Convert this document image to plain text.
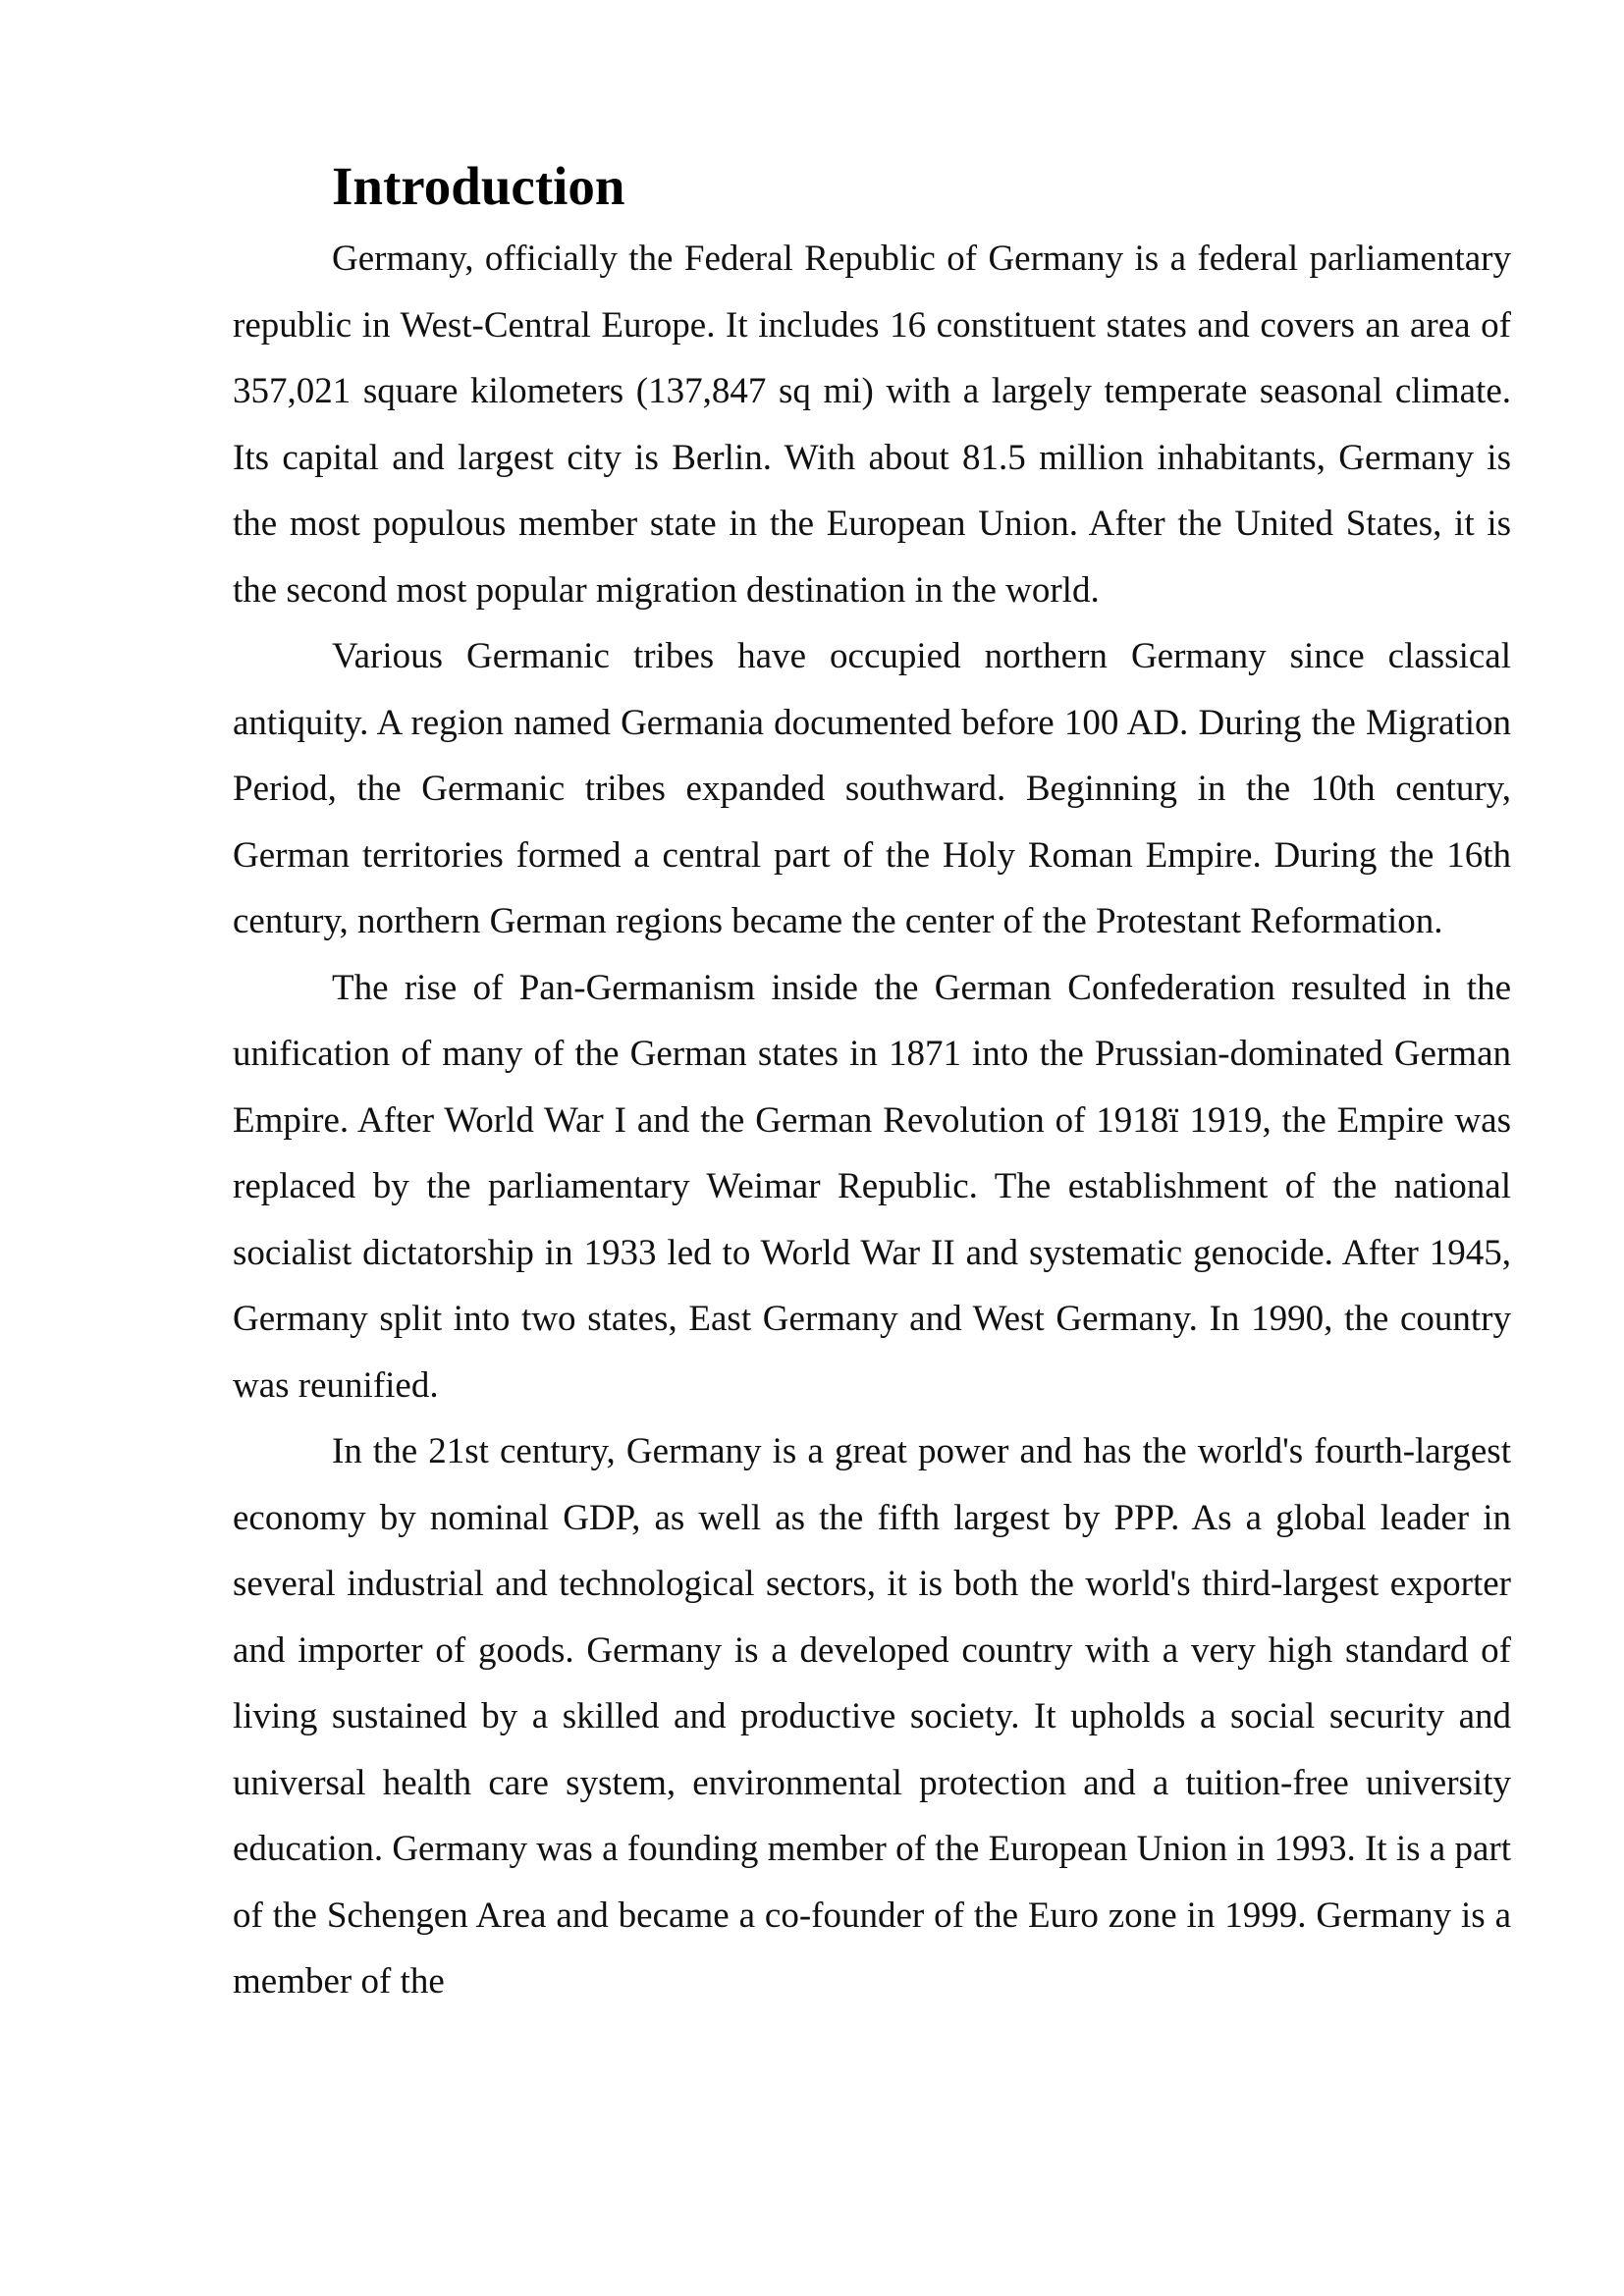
Introduction

Germany, officially the Federal Republic of Germany is a federal parliamentary republic in West-Central Europe. It includes 16 constituent states and covers an area of 357,021 square kilometers (137,847 sq mi) with a largely temperate seasonal climate. Its capital and largest city is Berlin. With about 81.5 million inhabitants, Germany is the most populous member state in the European Union. After the United States, it is the second most popular migration destination in the world.

Various Germanic tribes have occupied northern Germany since classical antiquity. A region named Germania documented before 100 AD. During the Migration Period, the Germanic tribes expanded southward. Beginning in the 10th century, German territories formed a central part of the Holy Roman Empire. During the 16th century, northern German regions became the center of the Protestant Reformation.

The rise of Pan-Germanism inside the German Confederation resulted in the unification of many of the German states in 1871 into the Prussian-dominated German Empire. After World War I and the German Revolution of 1918ï 1919, the Empire was replaced by the parliamentary Weimar Republic. The establishment of the national socialist dictatorship in 1933 led to World War II and systematic genocide. After 1945, Germany split into two states, East Germany and West Germany. In 1990, the country was reunified.

In the 21st century, Germany is a great power and has the world's fourth-largest economy by nominal GDP, as well as the fifth largest by PPP. As a global leader in several industrial and technological sectors, it is both the world's third-largest exporter and importer of goods. Germany is a developed country with a very high standard of living sustained by a skilled and productive society. It upholds a social security and universal health care system, environmental protection and a tuition-free university education. Germany was a founding member of the European Union in 1993. It is a part of the Schengen Area and became a co-founder of the Euro zone in 1999. Germany is a member of the
